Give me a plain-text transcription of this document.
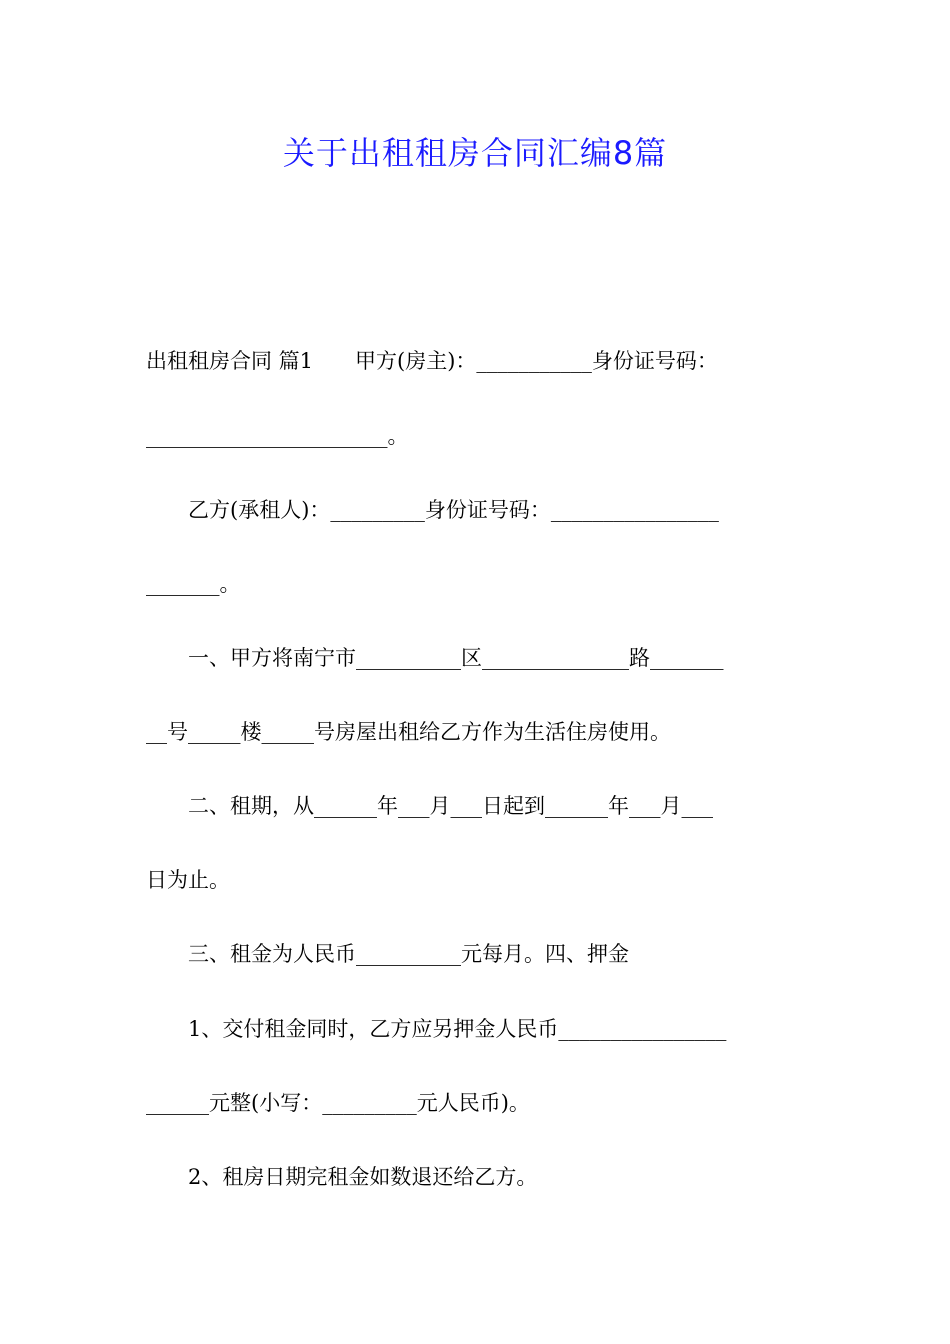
关于出租租房合同汇编8篇
出租租房合同 篇1　　甲方(房主)：___________身份证号码：
_______________________。
　　乙方(承租人)：_________身份证号码：________________
_______。
　　一、甲方将南宁市__________区______________路_______
__号_____楼_____号房屋出租给乙方作为生活住房使用。
　　二、租期，从______年___月___日起到______年___月___
日为止。
　　三、租金为人民币__________元每月。四、押金
　　1、交付租金同时，乙方应另押金人民币________________
______元整(小写：_________元人民币)。
　　2、租房日期完租金如数退还给乙方。
